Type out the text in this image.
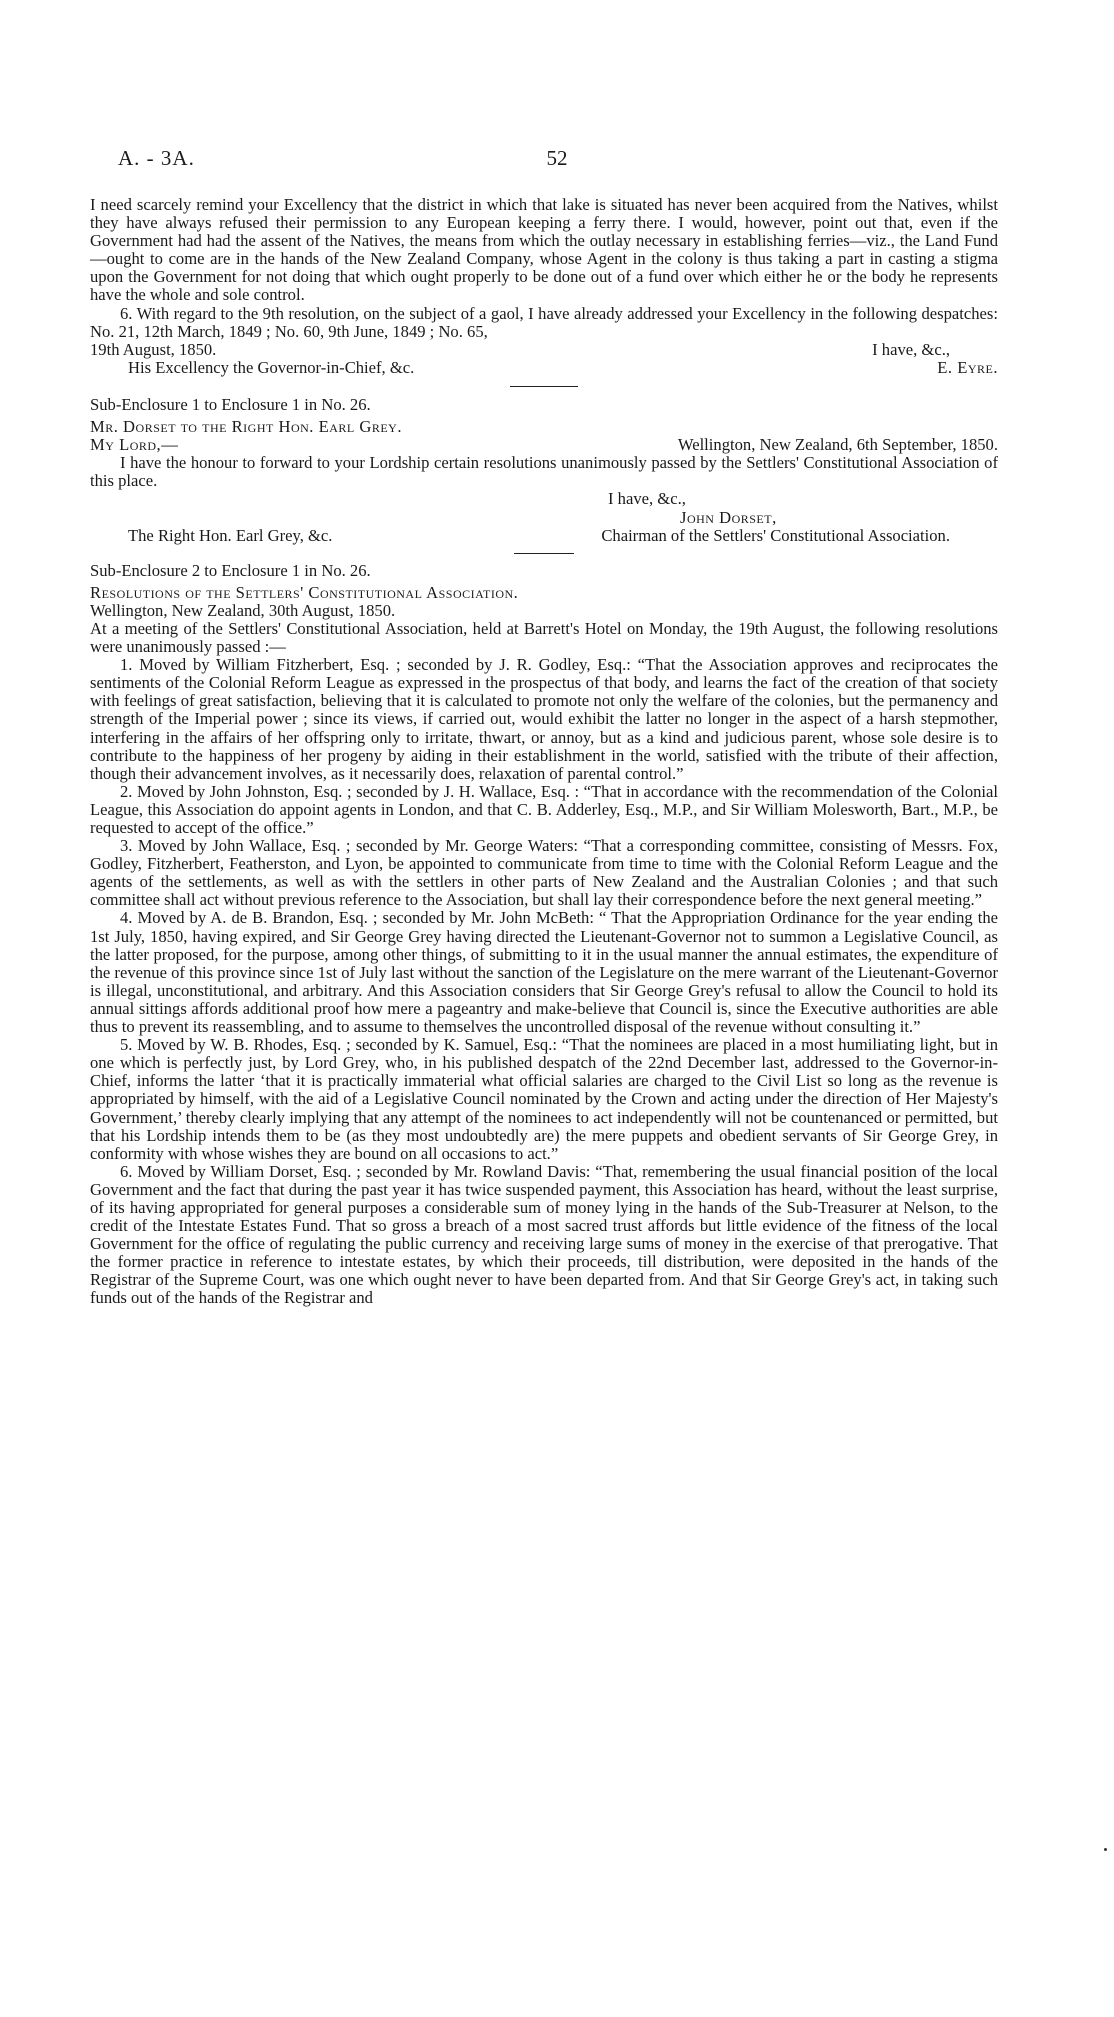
A. - 3A.	52

I need scarcely remind your Excellency that the district in which that lake is situated has never been acquired from the Natives, whilst they have always refused their permission to any European keeping a ferry there. I would, however, point out that, even if the Government had had the assent of the Natives, the means from which the outlay necessary in establishing ferries—viz., the Land Fund—ought to come are in the hands of the New Zealand Company, whose Agent in the colony is thus taking a part in casting a stigma upon the Government for not doing that which ought properly to be done out of a fund over which either he or the body he represents have the whole and sole control.

6. With regard to the 9th resolution, on the subject of a gaol, I have already addressed your Excellency in the following despatches: No. 21, 12th March, 1849 ; No. 60, 9th June, 1849 ; No. 65,

19th August, 1850.	I have, &c.,
His Excellency the Governor-in-Chief, &c.	E. Eyre.

Sub-Enclosure 1 to Enclosure 1 in No. 26.

Mr. Dorset to the Right Hon. Earl Grey.

My Lord,—	Wellington, New Zealand, 6th September, 1850.

I have the honour to forward to your Lordship certain resolutions unanimously passed by the Settlers' Constitutional Association of this place.

I have, &c.,
John Dorset,
The Right Hon. Earl Grey, &c.	Chairman of the Settlers' Constitutional Association.

Sub-Enclosure 2 to Enclosure 1 in No. 26.

Resolutions of the Settlers' Constitutional Association.

Wellington, New Zealand, 30th August, 1850.

At a meeting of the Settlers' Constitutional Association, held at Barrett's Hotel on Monday, the 19th August, the following resolutions were unanimously passed :—

1. Moved by William Fitzherbert, Esq. ; seconded by J. R. Godley, Esq.: “That the Association approves and reciprocates the sentiments of the Colonial Reform League as expressed in the prospectus of that body, and learns the fact of the creation of that society with feelings of great satisfaction, believing that it is calculated to promote not only the welfare of the colonies, but the permanency and strength of the Imperial power ; since its views, if carried out, would exhibit the latter no longer in the aspect of a harsh stepmother, interfering in the affairs of her offspring only to irritate, thwart, or annoy, but as a kind and judicious parent, whose sole desire is to contribute to the happiness of her progeny by aiding in their establishment in the world, satisfied with the tribute of their affection, though their advancement involves, as it necessarily does, relaxation of parental control.”

2. Moved by John Johnston, Esq. ; seconded by J. H. Wallace, Esq. : “That in accordance with the recommendation of the Colonial League, this Association do appoint agents in London, and that C. B. Adderley, Esq., M.P., and Sir William Molesworth, Bart., M.P., be requested to accept of the office.”

3. Moved by John Wallace, Esq. ; seconded by Mr. George Waters: “That a corresponding committee, consisting of Messrs. Fox, Godley, Fitzherbert, Featherston, and Lyon, be appointed to communicate from time to time with the Colonial Reform League and the agents of the settlements, as well as with the settlers in other parts of New Zealand and the Australian Colonies ; and that such committee shall act without previous reference to the Association, but shall lay their correspondence before the next general meeting.”

4. Moved by A. de B. Brandon, Esq. ; seconded by Mr. John McBeth: “ That the Appropriation Ordinance for the year ending the 1st July, 1850, having expired, and Sir George Grey having directed the Lieutenant-Governor not to summon a Legislative Council, as the latter proposed, for the purpose, among other things, of submitting to it in the usual manner the annual estimates, the expenditure of the revenue of this province since 1st of July last without the sanction of the Legislature on the mere warrant of the Lieutenant-Governor is illegal, unconstitutional, and arbitrary. And this Association considers that Sir George Grey's refusal to allow the Council to hold its annual sittings affords additional proof how mere a pageantry and make-believe that Council is, since the Executive authorities are able thus to prevent its reassembling, and to assume to themselves the uncontrolled disposal of the revenue without consulting it.”

5. Moved by W. B. Rhodes, Esq. ; seconded by K. Samuel, Esq.: “That the nominees are placed in a most humiliating light, but in one which is perfectly just, by Lord Grey, who, in his published despatch of the 22nd December last, addressed to the Governor-in-Chief, informs the latter ‘that it is practically immaterial what official salaries are charged to the Civil List so long as the revenue is appropriated by himself, with the aid of a Legislative Council nominated by the Crown and acting under the direction of Her Majesty's Government,’ thereby clearly implying that any attempt of the nominees to act independently will not be countenanced or permitted, but that his Lordship intends them to be (as they most undoubtedly are) the mere puppets and obedient servants of Sir George Grey, in conformity with whose wishes they are bound on all occasions to act.”

6. Moved by William Dorset, Esq. ; seconded by Mr. Rowland Davis: “That, remembering the usual financial position of the local Government and the fact that during the past year it has twice suspended payment, this Association has heard, without the least surprise, of its having appropriated for general purposes a considerable sum of money lying in the hands of the Sub-Treasurer at Nelson, to the credit of the Intestate Estates Fund. That so gross a breach of a most sacred trust affords but little evidence of the fitness of the local Government for the office of regulating the public currency and receiving large sums of money in the exercise of that prerogative. That the former practice in reference to intestate estates, by which their proceeds, till distribution, were deposited in the hands of the Registrar of the Supreme Court, was one which ought never to have been departed from. And that Sir George Grey's act, in taking such funds out of the hands of the Registrar and
